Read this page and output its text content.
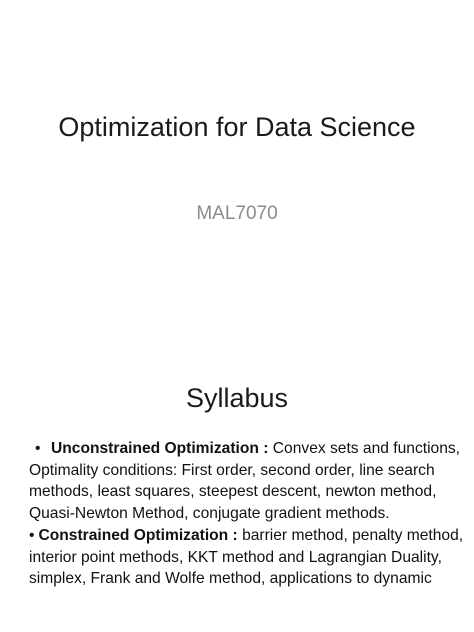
Optimization for Data Science
MAL7070
Syllabus

• Unconstrained Optimization : Convex sets and functions, Optimality conditions: First order, second order, line search methods, least squares, steepest descent, newton method, Quasi-Newton Method, conjugate gradient methods.

• Constrained Optimization : barrier method, penalty method, interior point methods, KKT method and Lagrangian Duality, simplex, Frank and Wolfe method, applications to dynamic
